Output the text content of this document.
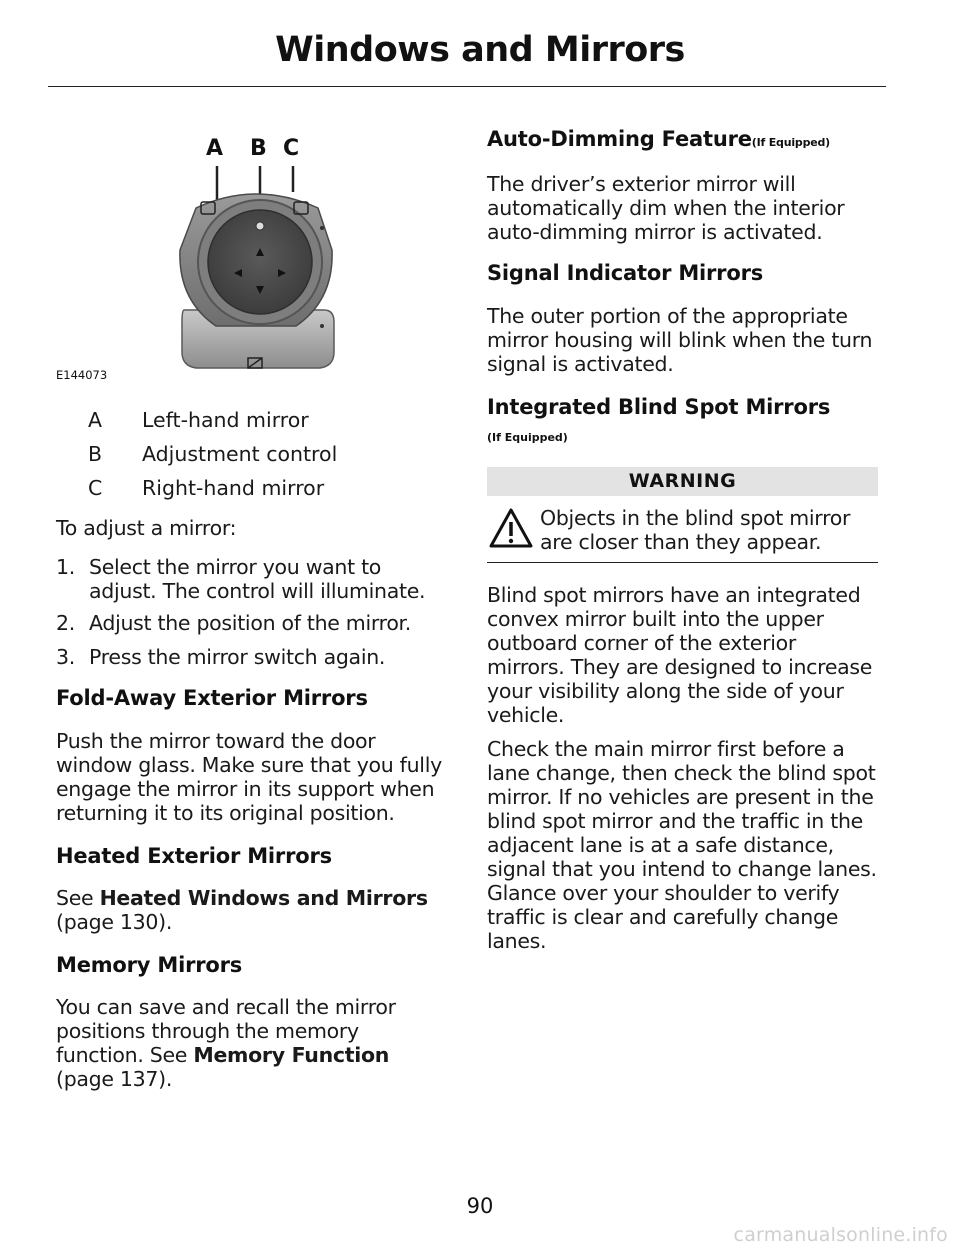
Windows and Mirrors
A B C
E144073
A Left-hand mirror
B Adjustment control
C Right-hand mirror
To adjust a mirror:
1. Select the mirror you want to adjust. The control will illuminate.
2. Adjust the position of the mirror.
3. Press the mirror switch again.
Fold-Away Exterior Mirrors
Push the mirror toward the door window glass. Make sure that you fully engage the mirror in its support when returning it to its original position.
Heated Exterior Mirrors
See Heated Windows and Mirrors
(page 130).
Memory Mirrors
You can save and recall the mirror positions through the memory function. See Memory Function
(page 137).
Auto-Dimming Feature(If Equipped)
The driver’s exterior mirror will automatically dim when the interior auto-dimming mirror is activated.
Signal Indicator Mirrors
The outer portion of the appropriate mirror housing will blink when the turn signal is activated.
Integrated Blind Spot Mirrors
(If Equipped)
WARNING
Objects in the blind spot mirror are closer than they appear.
Blind spot mirrors have an integrated convex mirror built into the upper outboard corner of the exterior mirrors. They are designed to increase your visibility along the side of your vehicle.
Check the main mirror first before a lane change, then check the blind spot mirror. If no vehicles are present in the blind spot mirror and the traffic in the adjacent lane is at a safe distance, signal that you intend to change lanes. Glance over your shoulder to verify traffic is clear and carefully change lanes.
90
carmanualsonline.info
